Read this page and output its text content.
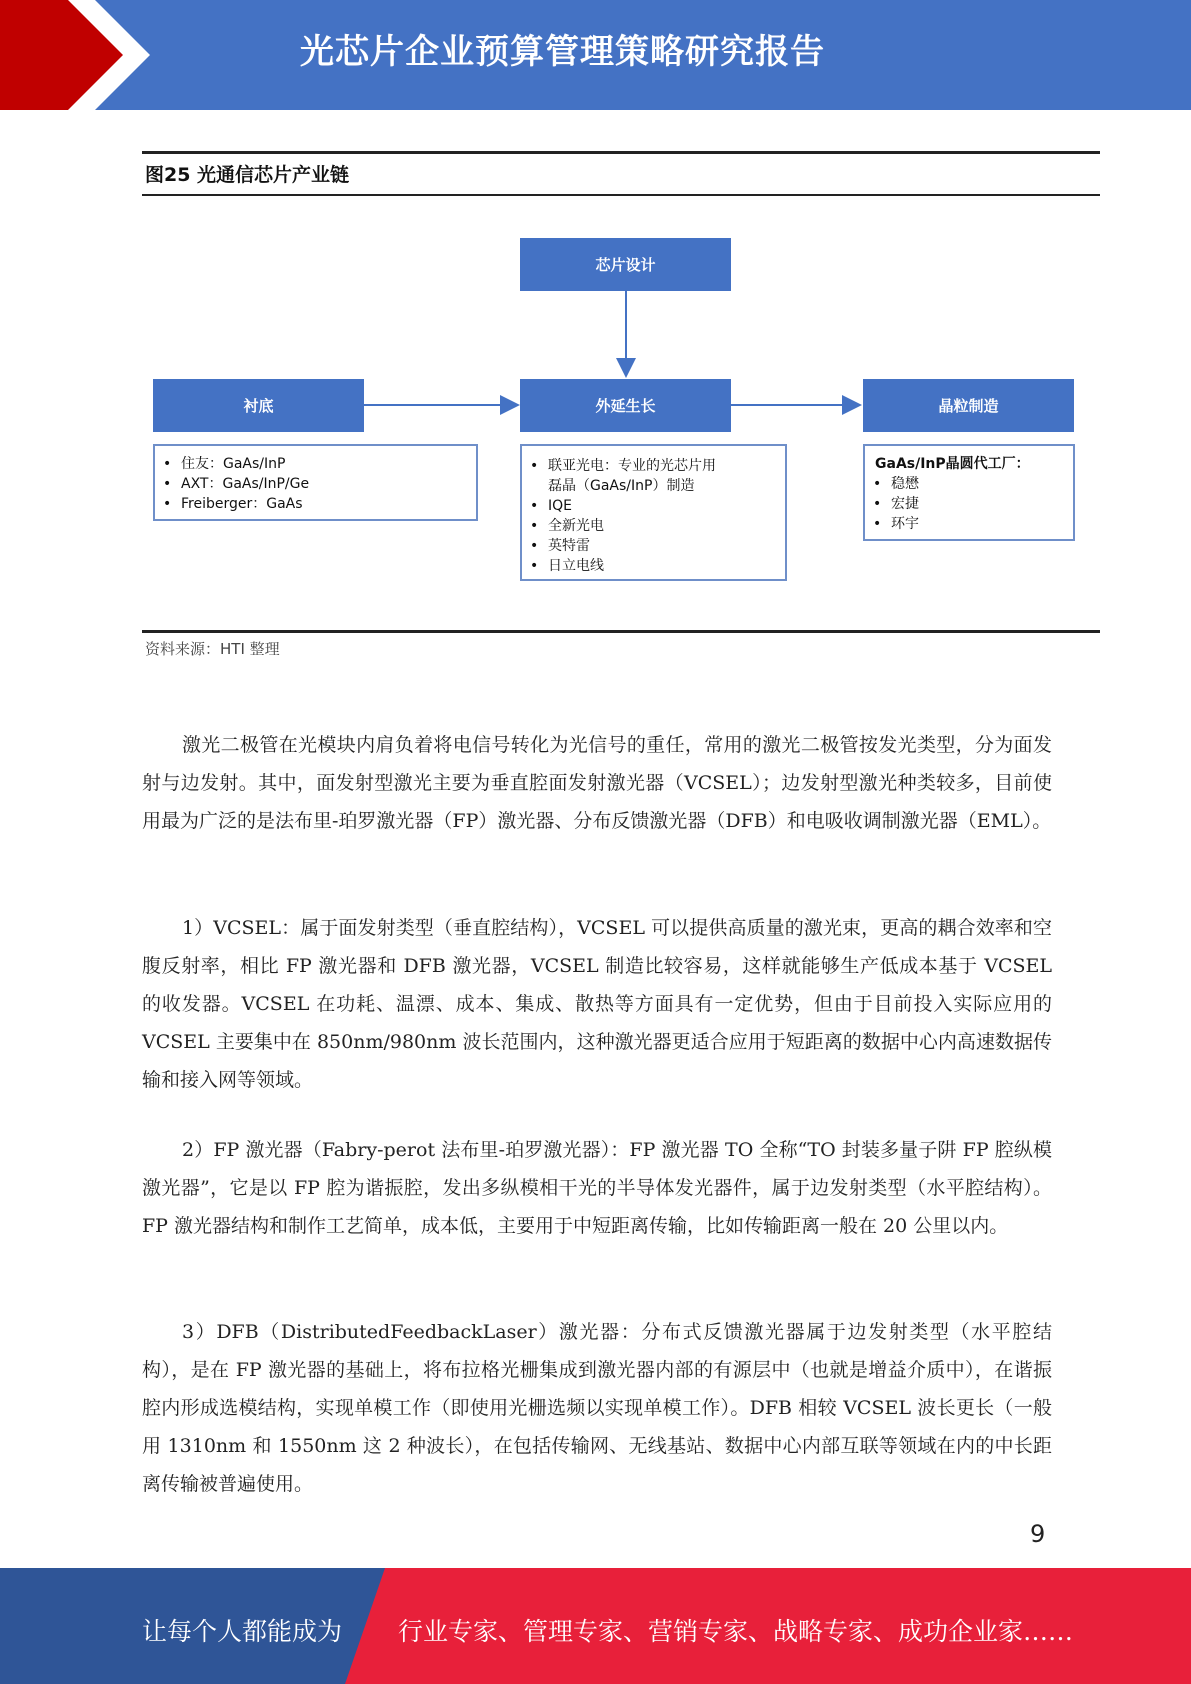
光芯片企业预算管理策略研究报告
图25 光通信芯片产业链
芯片设计
衬底	外延生长	晶粒制造
• 住友：GaAs/InP
• AXT：GaAs/InP/Ge
• Freiberger：GaAs
• 联亚光电：专业的光芯片用
磊晶（GaAs/InP）制造
• IQE
• 全新光电
• 英特雷
• 日立电线
GaAs/InP晶圆代工厂：
• 稳懋
• 宏捷
• 环宇
资料来源：HTI 整理

激光二极管在光模块内肩负着将电信号转化为光信号的重任，常用的激光二极管按发光类型，分为面发射与边发射。其中，面发射型激光主要为垂直腔面发射激光器（VCSEL）；边发射型激光种类较多，目前使用最为广泛的是法布里-珀罗激光器（FP）激光器、分布反馈激光器（DFB）和电吸收调制激光器（EML）。

1）VCSEL：属于面发射类型（垂直腔结构），VCSEL 可以提供高质量的激光束，更高的耦合效率和空腹反射率，相比 FP 激光器和 DFB 激光器，VCSEL 制造比较容易，这样就能够生产低成本基于 VCSEL 的收发器。VCSEL 在功耗、温漂、成本、集成、散热等方面具有一定优势，但由于目前投入实际应用的 VCSEL 主要集中在 850nm/980nm 波长范围内，这种激光器更适合应用于短距离的数据中心内高速数据传输和接入网等领域。

2）FP 激光器（Fabry-perot 法布里-珀罗激光器）：FP 激光器 TO 全称“TO 封装多量子阱 FP 腔纵模激光器”，它是以 FP 腔为谐振腔，发出多纵模相干光的半导体发光器件，属于边发射类型（水平腔结构）。FP 激光器结构和制作工艺简单，成本低，主要用于中短距离传输，比如传输距离一般在 20 公里以内。

3）DFB（DistributedFeedbackLaser）激光器：分布式反馈激光器属于边发射类型（水平腔结构），是在 FP 激光器的基础上，将布拉格光栅集成到激光器内部的有源层中（也就是增益介质中），在谐振腔内形成选模结构，实现单模工作（即使用光栅选频以实现单模工作）。DFB 相较 VCSEL 波长更长（一般用 1310nm 和 1550nm 这 2 种波长），在包括传输网、无线基站、数据中心内部互联等领域在内的中长距离传输被普遍使用。

9
让每个人都能成为 行业专家、管理专家、营销专家、战略专家、成功企业家……
